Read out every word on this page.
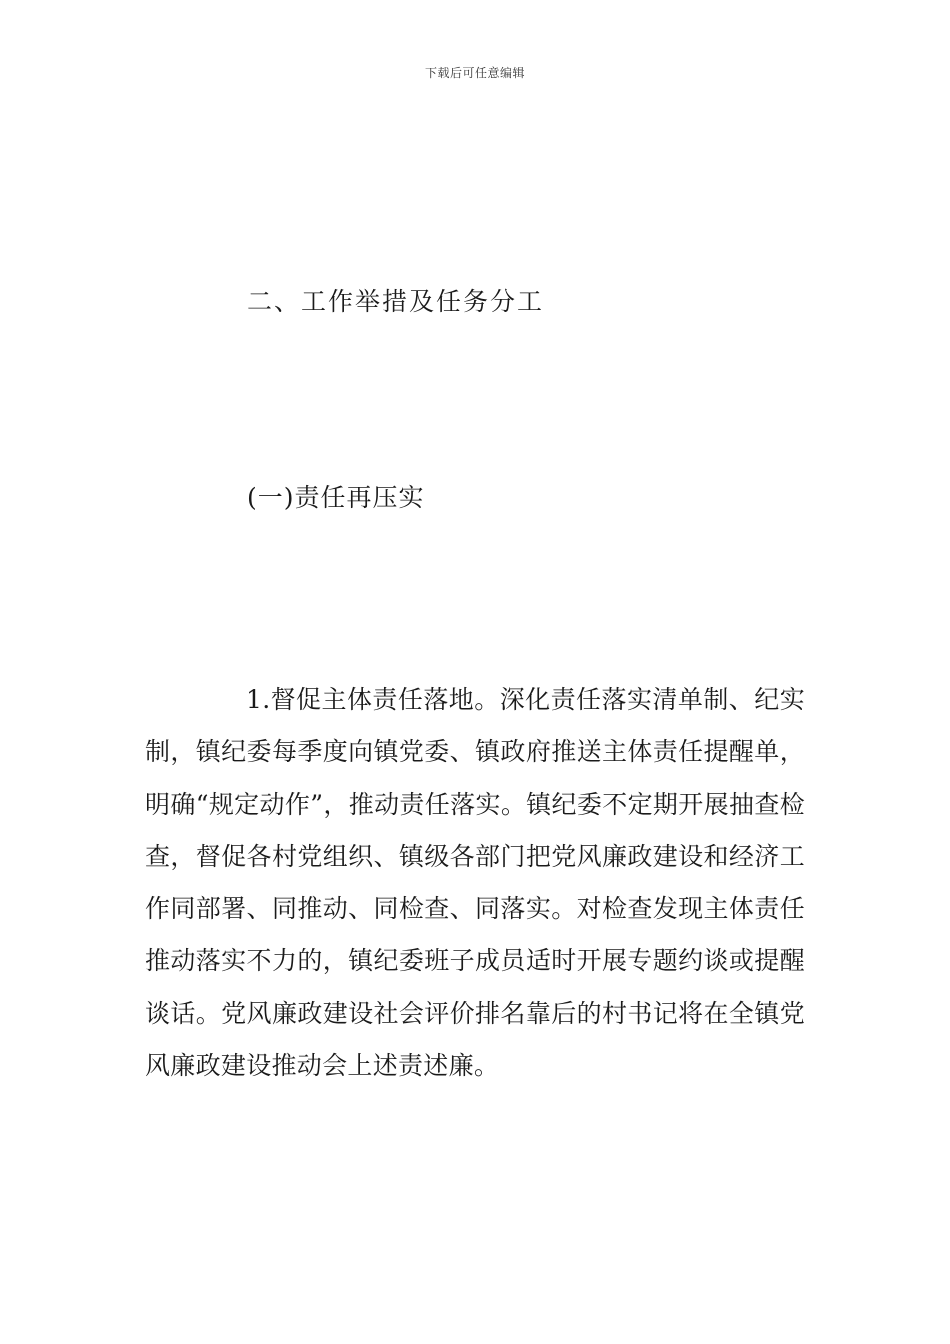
下载后可任意编辑
二、工作举措及任务分工
(一)责任再压实

1.督促主体责任落地。深化责任落实清单制、纪实制，镇纪委每季度向镇党委、镇政府推送主体责任提醒单，明确“规定动作”，推动责任落实。镇纪委不定期开展抽查检查，督促各村党组织、镇级各部门把党风廉政建设和经济工作同部署、同推动、同检查、同落实。对检查发现主体责任推动落实不力的，镇纪委班子成员适时开展专题约谈或提醒谈话。党风廉政建设社会评价排名靠后的村书记将在全镇党风廉政建设推动会上述责述廉。
